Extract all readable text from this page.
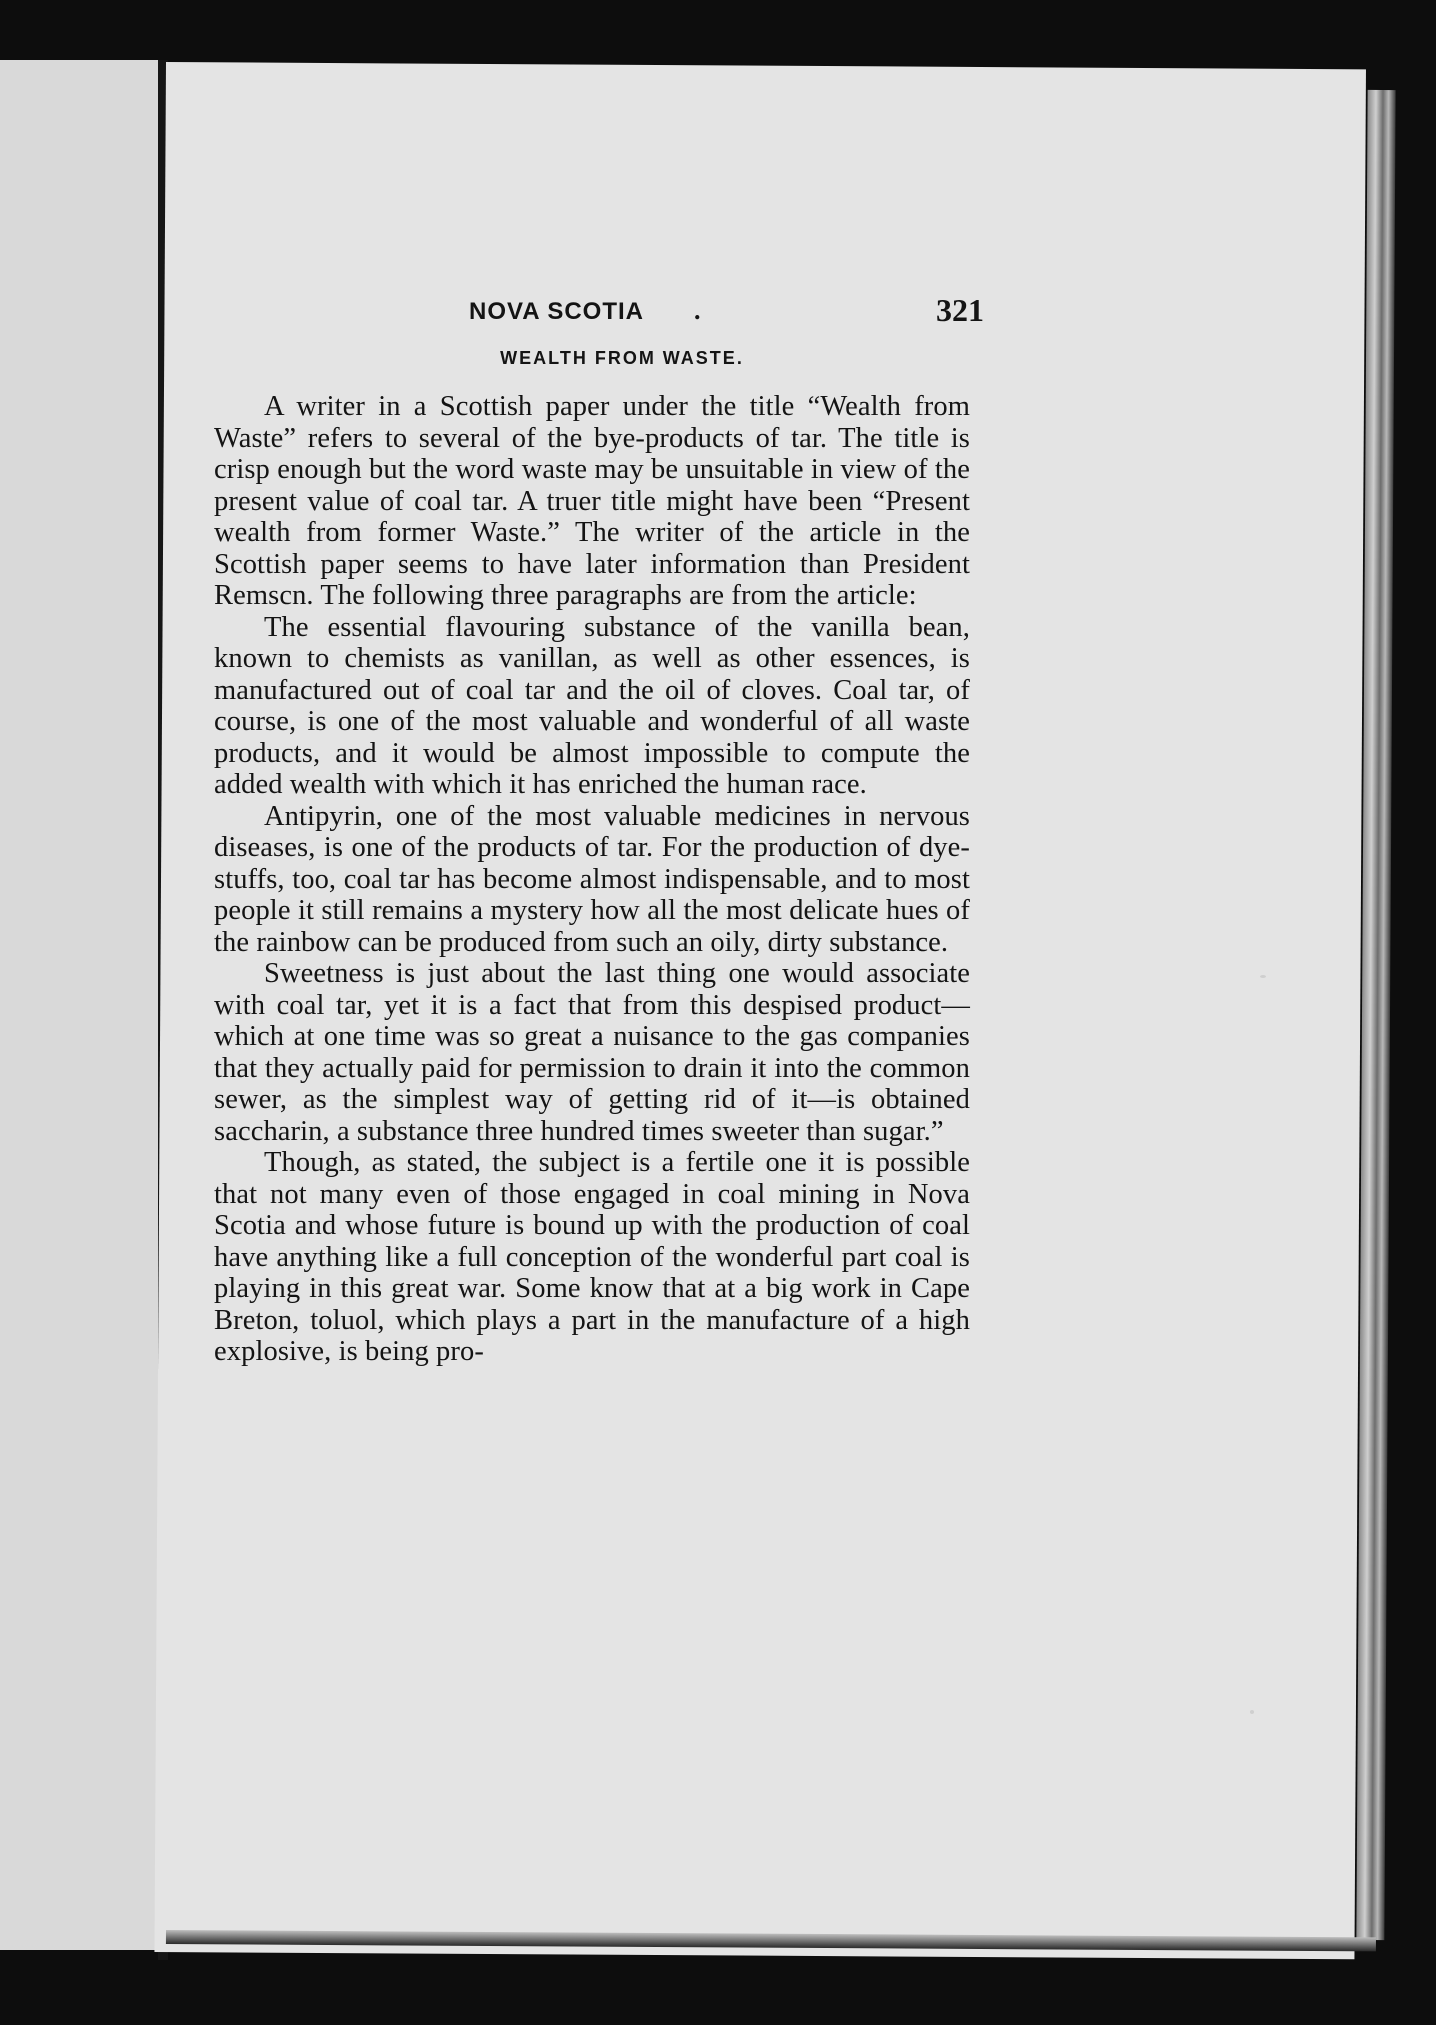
NOVA SCOTIA .	321
WEALTH FROM WASTE.

A writer in a Scottish paper under the title “Wealth from Waste” refers to several of the bye-products of tar. The title is crisp enough but the word waste may be unsuitable in view of the present value of coal tar. A truer title might have been “Present wealth from former Waste.” The writer of the article in the Scottish paper seems to have later information than President Remscn. The following three paragraphs are from the article:

The essential flavouring substance of the vanilla bean, known to chemists as vanillan, as well as other essences, is manufactured out of coal tar and the oil of cloves. Coal tar, of course, is one of the most valuable and wonderful of all waste products, and it would be almost impossible to compute the added wealth with which it has enriched the human race.

Antipyrin, one of the most valuable medicines in nervous diseases, is one of the products of tar. For the production of dye-stuffs, too, coal tar has become almost indispensable, and to most people it still remains a mystery how all the most delicate hues of the rainbow can be produced from such an oily, dirty substance.

Sweetness is just about the last thing one would associate with coal tar, yet it is a fact that from this despised product—which at one time was so great a nuisance to the gas companies that they actually paid for permission to drain it into the common sewer, as the simplest way of getting rid of it—is obtained saccharin, a substance three hundred times sweeter than sugar.”

Though, as stated, the subject is a fertile one it is possible that not many even of those engaged in coal mining in Nova Scotia and whose future is bound up with the production of coal have anything like a full conception of the wonderful part coal is playing in this great war. Some know that at a big work in Cape Breton, toluol, which plays a part in the manufacture of a high explosive, is being pro-
